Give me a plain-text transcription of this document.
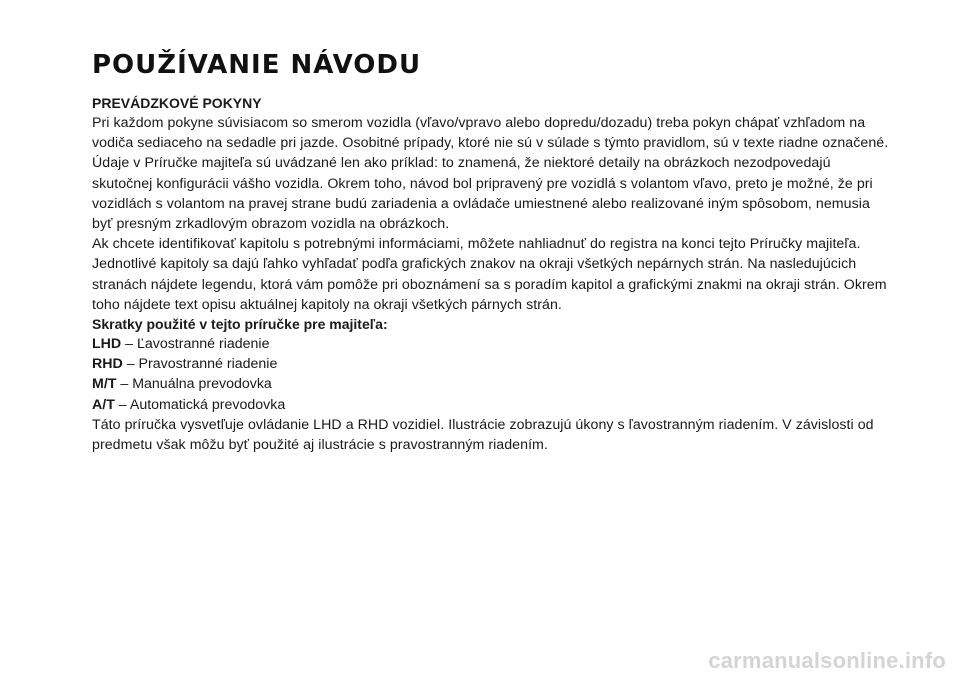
POUŽÍVANIE NÁVODU

PREVÁDZKOVÉ POKYNY

Pri každom pokyne súvisiacom so smerom vozidla (vľavo/vpravo alebo dopredu/dozadu) treba pokyn chápať vzhľadom na vodiča sediaceho na sedadle pri jazde. Osobitné prípady, ktoré nie sú v súlade s týmto pravidlom, sú v texte riadne označené.

Údaje v Príručke majiteľa sú uvádzané len ako príklad: to znamená, že niektoré detaily na obrázkoch nezodpovedajú skutočnej konfigurácii vášho vozidla. Okrem toho, návod bol pripravený pre vozidlá s volantom vľavo, preto je možné, že pri vozidlách s volantom na pravej strane budú zariadenia a ovládače umiestnené alebo realizované iným spôsobom, nemusia byť presným zrkadlovým obrazom vozidla na obrázkoch.

Ak chcete identifikovať kapitolu s potrebnými informáciami, môžete nahliadnuť do registra na konci tejto Príručky majiteľa.

Jednotlivé kapitoly sa dajú ľahko vyhľadať podľa grafických znakov na okraji všetkých nepárnych strán. Na nasledujúcich stranách nájdete legendu, ktorá vám pomôže pri oboznámení sa s poradím kapitol a grafickými znakmi na okraji strán. Okrem toho nájdete text opisu aktuálnej kapitoly na okraji všetkých párnych strán.

Skratky použité v tejto príručke pre majiteľa:

LHD – Ľavostranné riadenie

RHD – Pravostranné riadenie

M/T – Manuálna prevodovka

A/T – Automatická prevodovka

Táto príručka vysvetľuje ovládanie LHD a RHD vozidiel. Ilustrácie zobrazujú úkony s ľavostranným riadením. V závislosti od predmetu však môžu byť použité aj ilustrácie s pravostranným riadením.

carmanualsonline.info
